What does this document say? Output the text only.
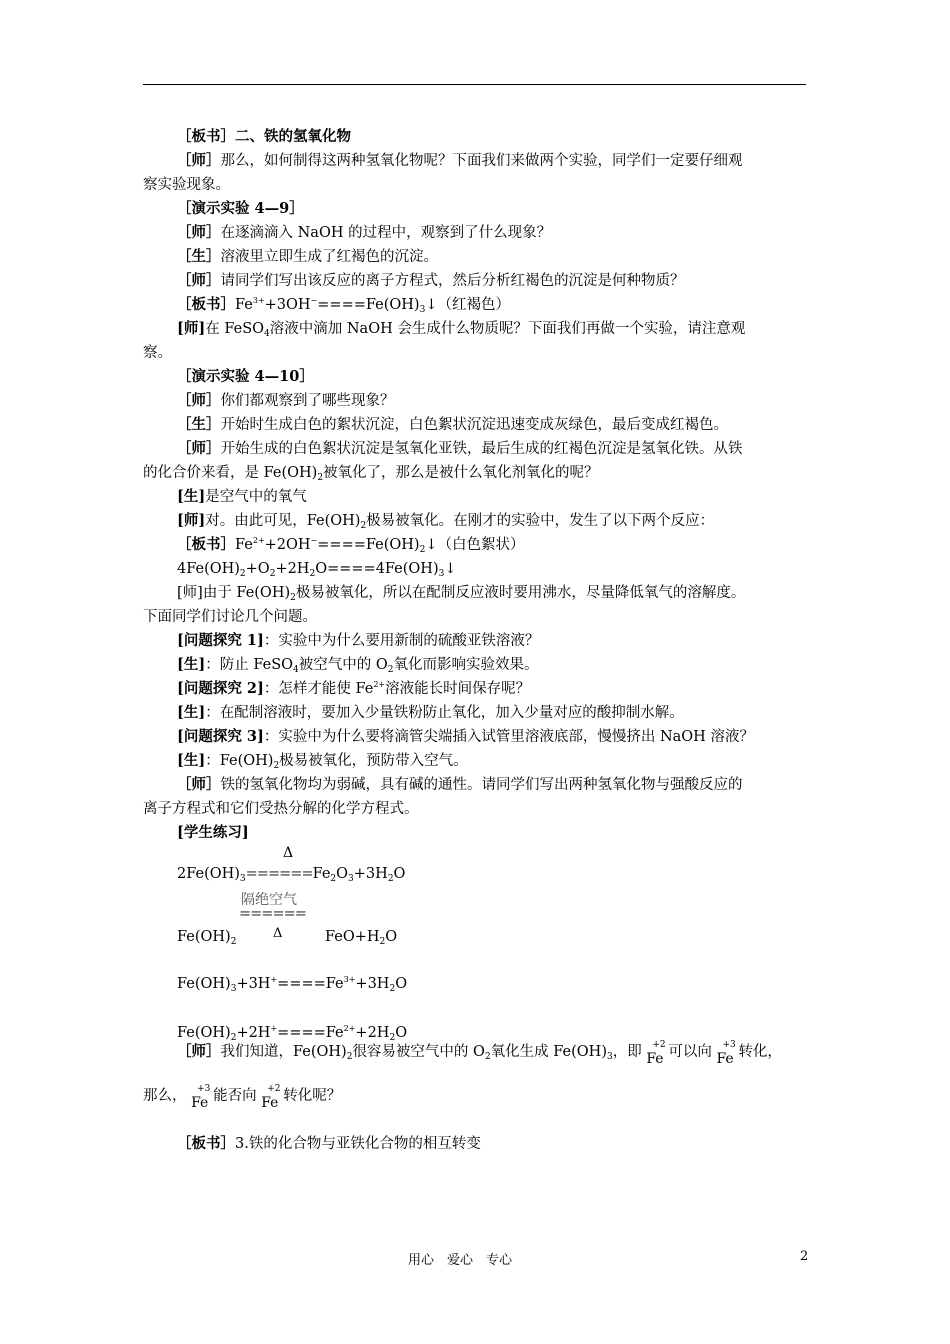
［板书］二、铁的氢氧化物

［师］那么，如何制得这两种氢氧化物呢？下面我们来做两个实验，同学们一定要仔细观

察实验现象。

［演示实验 4—9］

［师］在逐滴滴入 NaOH 的过程中，观察到了什么现象？

［生］溶液里立即生成了红褐色的沉淀。

［师］请同学们写出该反应的离子方程式，然后分析红褐色的沉淀是何种物质？

［板书$]Fe^{3+}+3OH^-====Fe(OH)_3↓$（红褐色）

[师]在 FeSO$_4$溶液中滴加 NaOH 会生成什么物质呢？下面我们再做一个实验，请注意观

察。

［演示实验 4—10］

［师］你们都观察到了哪些现象？

［生］开始时生成白色的絮状沉淀，白色絮状沉淀迅速变成灰绿色，最后变成红褐色。

［师］开始生成的白色絮状沉淀是氢氧化亚铁，最后生成的红褐色沉淀是氢氧化铁。从铁

的化合价来看，是 $Fe(OH)_2$被氧化了，那么是被什么氧化剂氧化的呢？

[生]是空气中的氧气

[师]对。由此可见，$Fe(OH)_2$极易被氧化。在刚才的实验中，发生了以下两个反应：

［板书$]Fe^{2+}+2OH^-====Fe(OH)_2↓$（白色絮状）

$4Fe(OH)_2+O_2+2H_2O====4Fe(OH)_3↓$

[师]由于 $Fe(OH)_2$极易被氧化，所以在配制反应液时要用沸水，尽量降低氧气的溶解度。

下面同学们讨论几个问题。

[问题探究 1]：实验中为什么要用新制的硫酸亚铁溶液？

[生]：防止 FeSO$_4$被空气中的 $O_2$氧化而影响实验效果。

[问题探究 2]：怎样才能使 $Fe^{2+}$溶液能长时间保存呢？

[生]：在配制溶液时，要加入少量铁粉防止氧化，加入少量对应的酸抑制水解。

[问题探究 3]：实验中为什么要将滴管尖端插入试管里溶液底部，慢慢挤出 NaOH 溶液？

[生]：$Fe(OH)_2$极易被氧化，预防带入空气。

［师］铁的氢氧化物均为弱碱，具有碱的通性。请同学们写出两种氢氧化物与强酸反应的

离子方程式和它们受热分解的化学方程式。

[学生练习]

Δ
$2Fe(OH)_3======Fe_2O_3+3H_2O$
隔绝空气
======
$Fe(OH)_2$
Δ	$FeO+H_2O$
$Fe(OH)_3+3H^+====Fe^{3+}+3H_2O$
$Fe(OH)_2+2H^+====Fe^{2+}+2H_2O$

［师］我们知道，$Fe(OH)_2$很容易被空气中的 $O_2$氧化生成 $Fe(OH)_3$，即 +2
Fe 可以向 +3
Fe 转化，

那么， +3
Fe 能否向 +2
Fe 转化呢？

［板书］3.铁的化合物与亚铁化合物的相互转变

用心　爱心　专心	2
